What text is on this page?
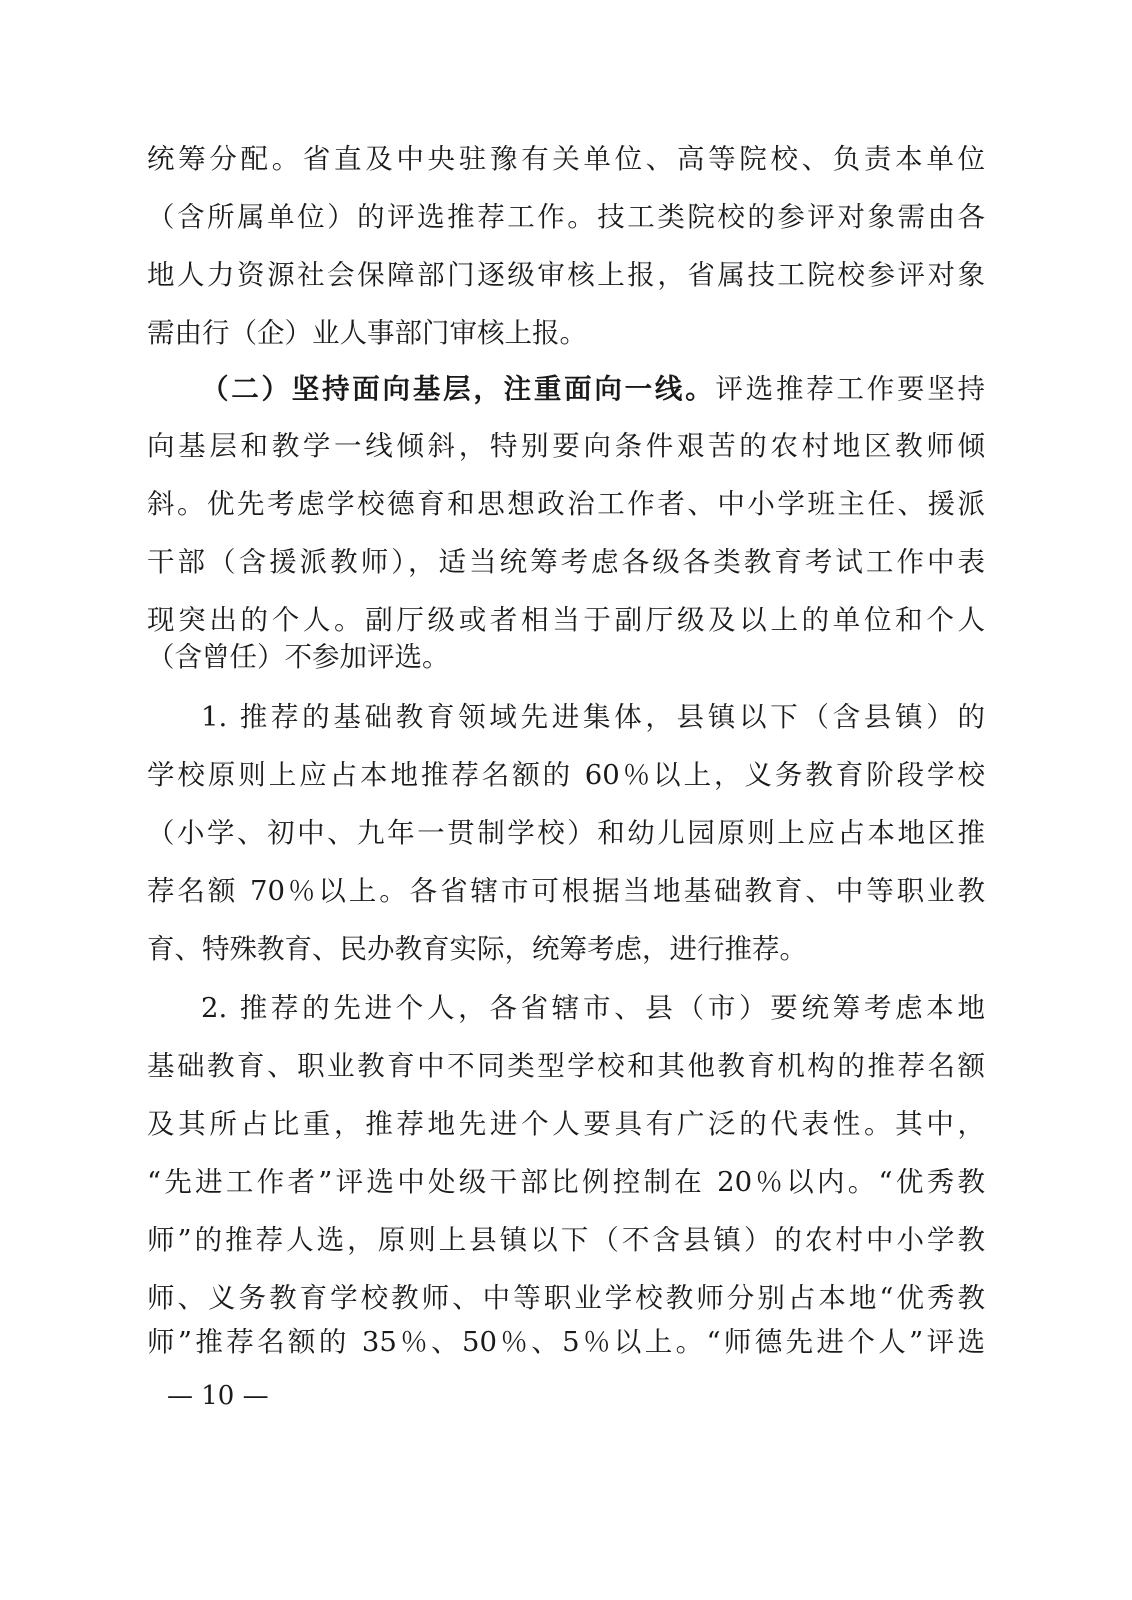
统筹分配。省直及中央驻豫有关单位、高等院校、负责本单位
（含所属单位）的评选推荐工作。技工类院校的参评对象需由各
地人力资源社会保障部门逐级审核上报，省属技工院校参评对象
需由行（企）业人事部门审核上报。
（二）坚持面向基层，注重面向一线。评选推荐工作要坚持
向基层和教学一线倾斜，特别要向条件艰苦的农村地区教师倾
斜。优先考虑学校德育和思想政治工作者、中小学班主任、援派
干部（含援派教师），适当统筹考虑各级各类教育考试工作中表
现突出的个人。副厅级或者相当于副厅级及以上的单位和个人
（含曾任）不参加评选。
1. 推荐的基础教育领域先进集体，县镇以下（含县镇）的
学校原则上应占本地推荐名额的 60％以上，义务教育阶段学校
（小学、初中、九年一贯制学校）和幼儿园原则上应占本地区推
荐名额 70％以上。各省辖市可根据当地基础教育、中等职业教
育、特殊教育、民办教育实际，统筹考虑，进行推荐。
2. 推荐的先进个人，各省辖市、县（市）要统筹考虑本地
基础教育、职业教育中不同类型学校和其他教育机构的推荐名额
及其所占比重，推荐地先进个人要具有广泛的代表性。其中，
“先进工作者”评选中处级干部比例控制在 20％以内。“优秀教
师”的推荐人选，原则上县镇以下（不含县镇）的农村中小学教
师、义务教育学校教师、中等职业学校教师分别占本地“优秀教
师”推荐名额的 35％、50％、5％以上。“师德先进个人”评选
— 10 —
